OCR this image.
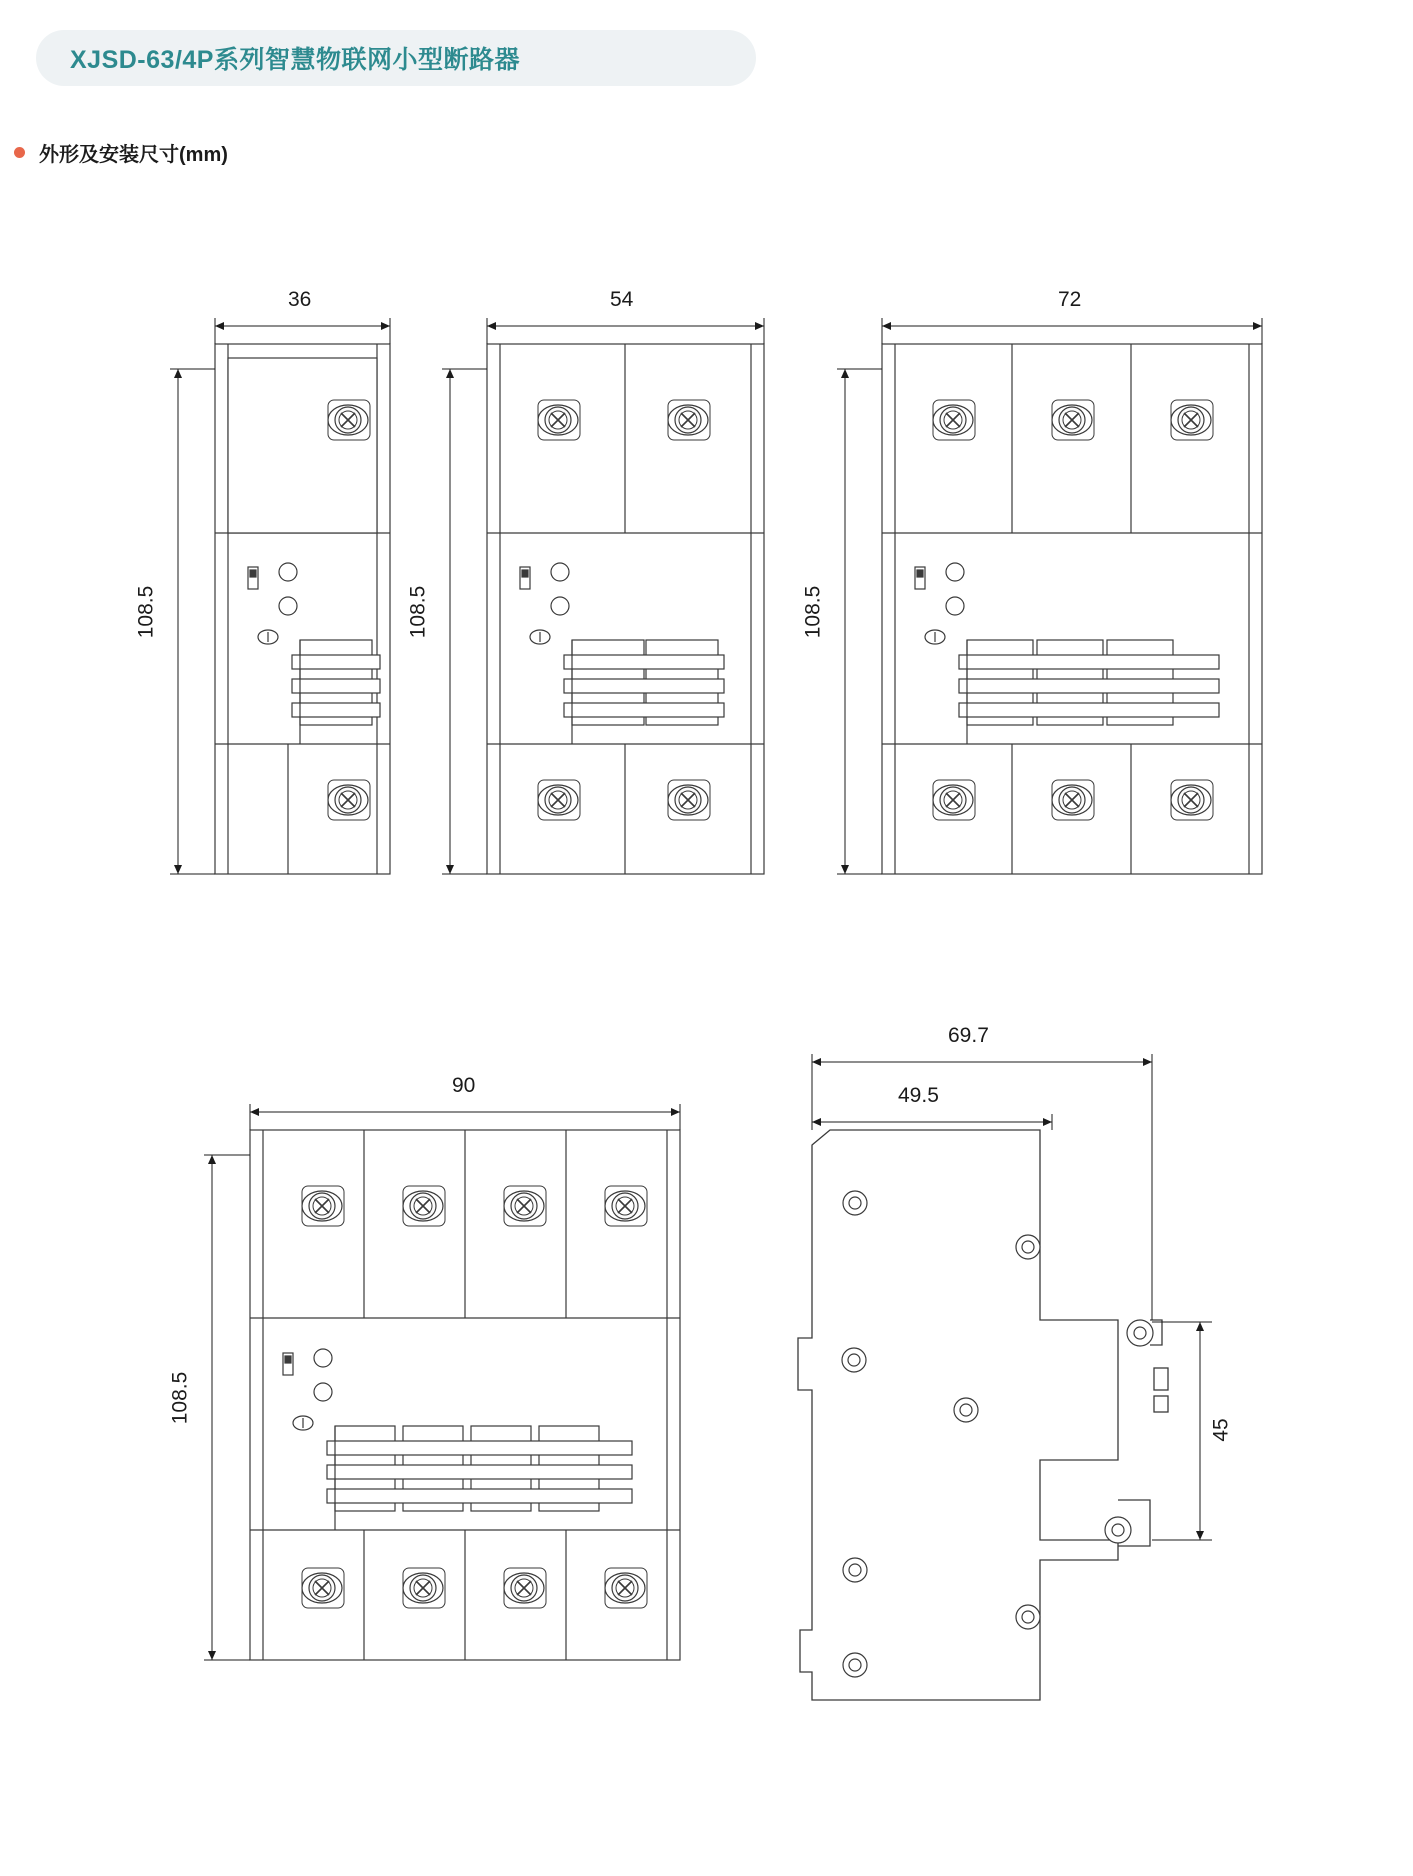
XJSD-63/4P系列智慧物联网小型断路器
外形及安装尺寸(mm)
36
108.5
54
108.5
72
108.5
90
108.5
69.7
49.5
45
